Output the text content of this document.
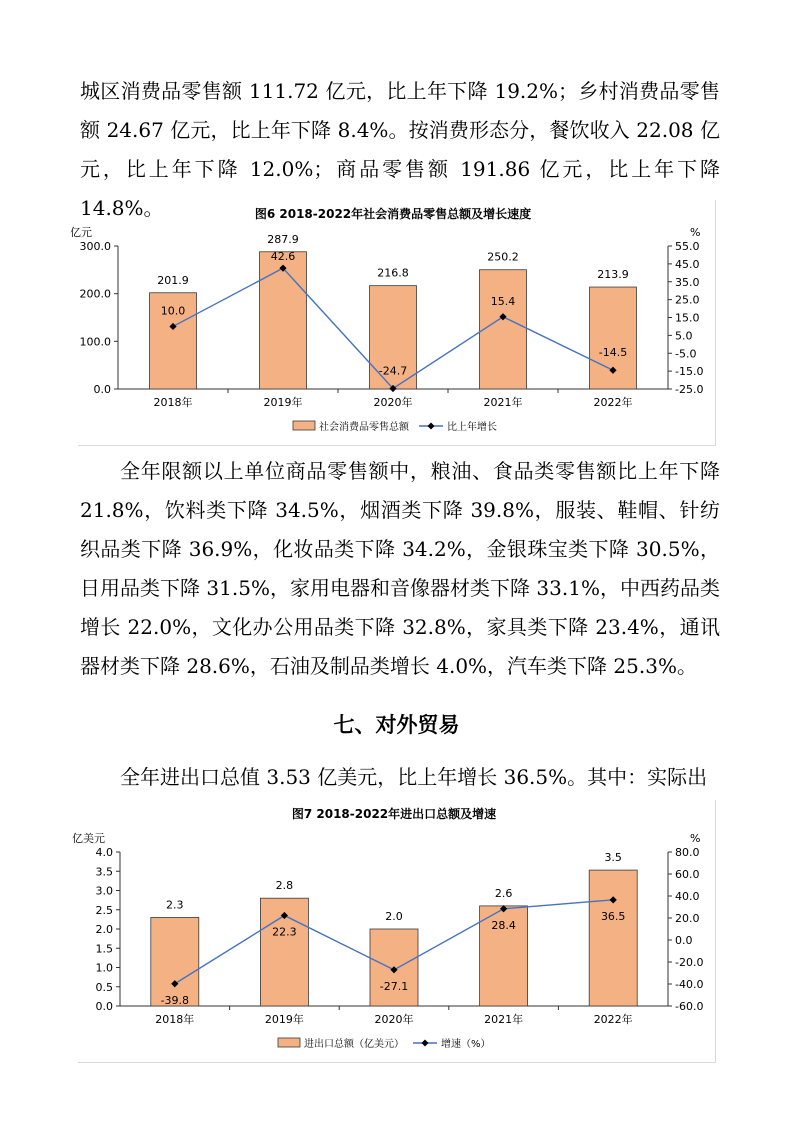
城区消费品零售额 111.72 亿元，比上年下降 19.2%；乡村消费品零售额 24.67 亿元，比上年下降 8.4%。按消费形态分，餐饮收入 22.08 亿元，比上年下降 12.0%；商品零售额 191.86 亿元，比上年下降 14.8%。	图6 2018-2022年社会消费品零售总额及增长速度
亿元	%
0.0
100.0
200.0
300.0
-25.0
-15.0
-5.0
5.0
15.0
25.0
35.0
45.0
55.0
201.9
2018年
287.9
2019年
216.8
2020年
250.2
2021年
213.9
2022年
10.0
42.6
-24.7
15.4
-14.5
社会消费品零售总额	比上年增长

全年限额以上单位商品零售额中，粮油、食品类零售额比上年下降 21.8%，饮料类下降 34.5%，烟酒类下降 39.8%，服装、鞋帽、针纺织品类下降 36.9%，化妆品类下降 34.2%，金银珠宝类下降 30.5%，日用品类下降 31.5%，家用电器和音像器材类下降 33.1%，中西药品类增长 22.0%，文化办公用品类下降 32.8%，家具类下降 23.4%，通讯器材类下降 28.6%，石油及制品类增长 4.0%，汽车类下降 25.3%。

七、对外贸易

全年进出口总值 3.53 亿美元，比上年增长 36.5%。其中：实际出

图7 2018-2022年进出口总额及增速
亿美元	%
0.0
0.5
1.0
1.5
2.0
2.5
3.0
3.5
4.0
-60.0
-40.0
-20.0
0.0
20.0
40.0
60.0
80.0
2.3
2018年
2.8
2019年
2.0
2020年
2.6
2021年
3.5
2022年
-39.8
22.3
-27.1
28.4
36.5
进出口总额（亿美元）	增速（%）
